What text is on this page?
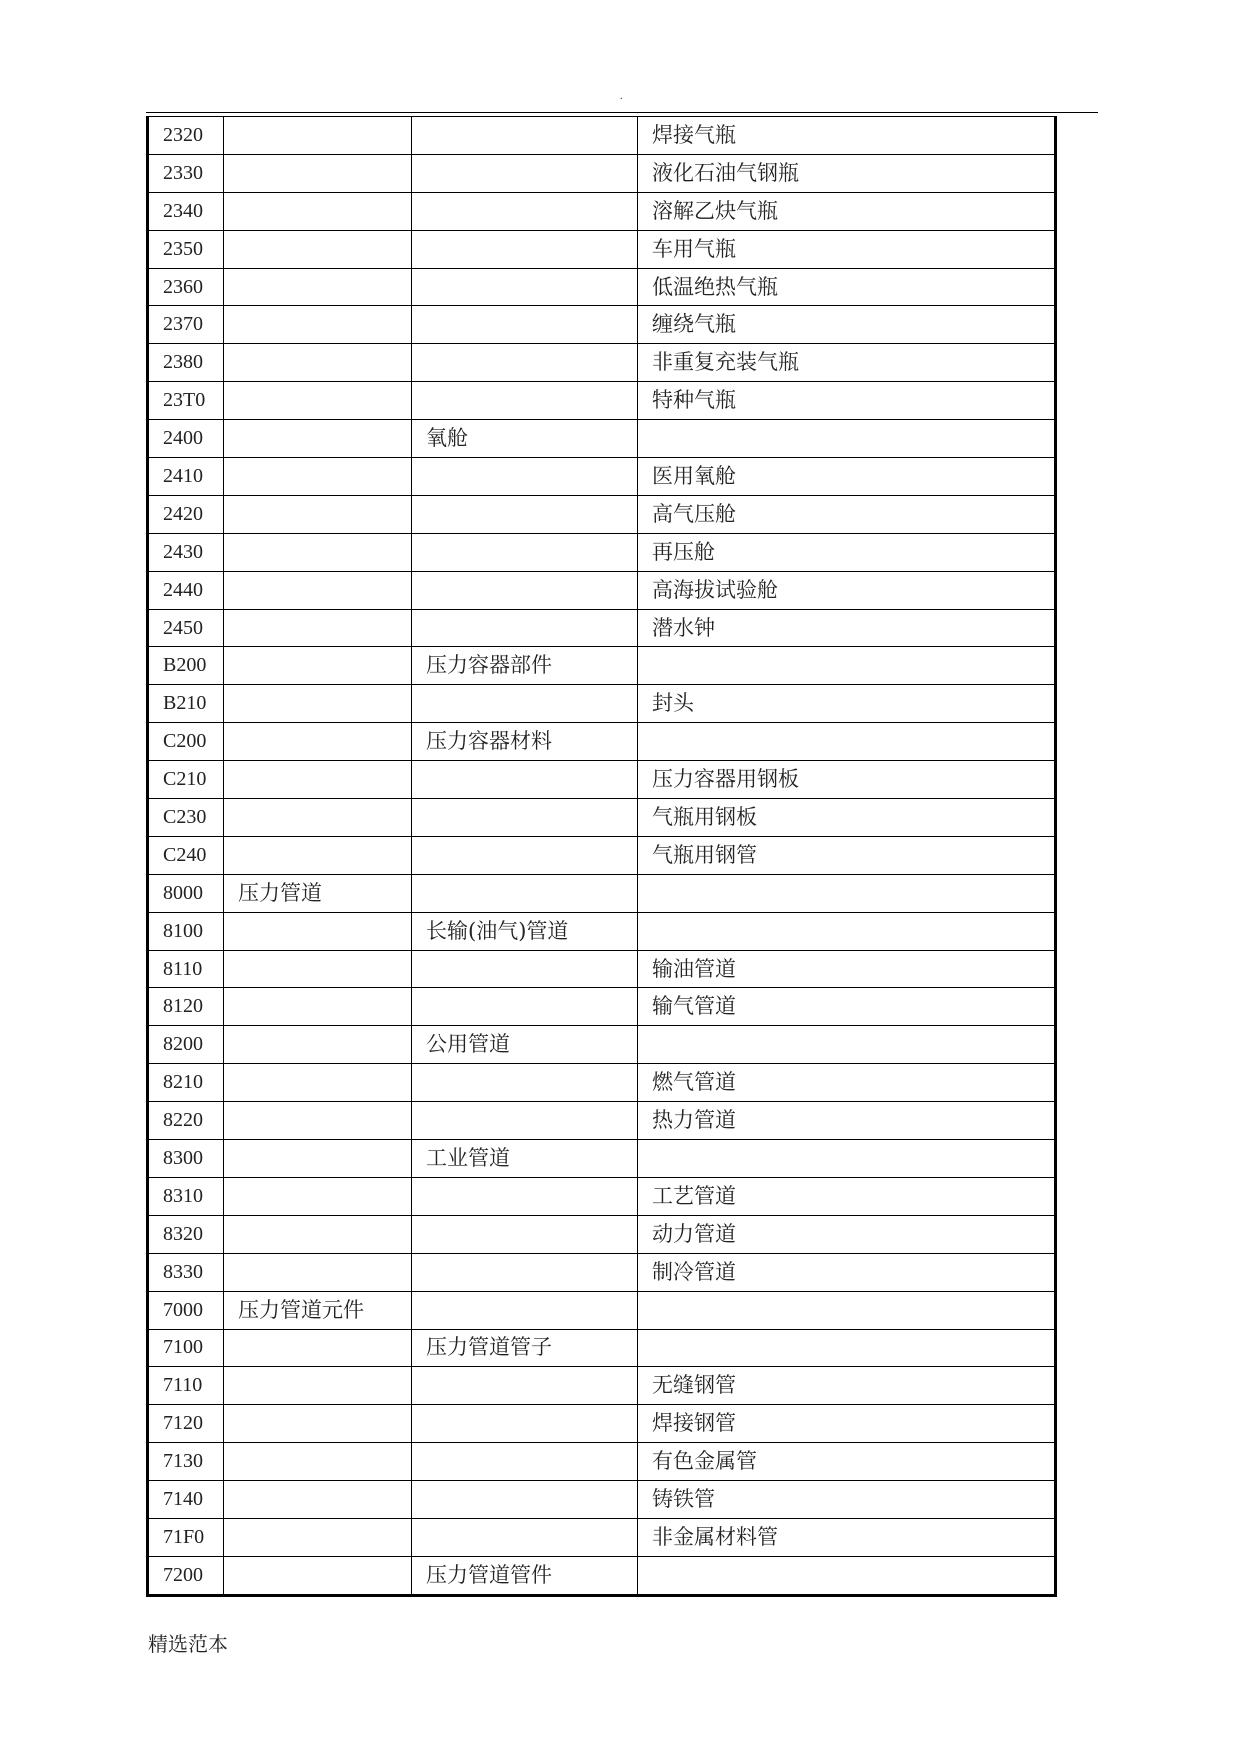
.
2320			焊接气瓶
2330			液化石油气钢瓶
2340			溶解乙炔气瓶
2350			车用气瓶
2360			低温绝热气瓶
2370			缠绕气瓶
2380			非重复充装气瓶
23T0			特种气瓶
2400		氧舱	
2410			医用氧舱
2420			高气压舱
2430			再压舱
2440			高海拔试验舱
2450			潜水钟
B200		压力容器部件	
B210			封头
C200		压力容器材料	
C210			压力容器用钢板
C230			气瓶用钢板
C240			气瓶用钢管
8000	压力管道		
8100		长输(油气)管道	
8110			输油管道
8120			输气管道
8200		公用管道	
8210			燃气管道
8220			热力管道
8300		工业管道	
8310			工艺管道
8320			动力管道
8330			制冷管道
7000	压力管道元件		
7100		压力管道管子	
7110			无缝钢管
7120			焊接钢管
7130			有色金属管
7140			铸铁管
71F0			非金属材料管
7200		压力管道管件	
精选范本
